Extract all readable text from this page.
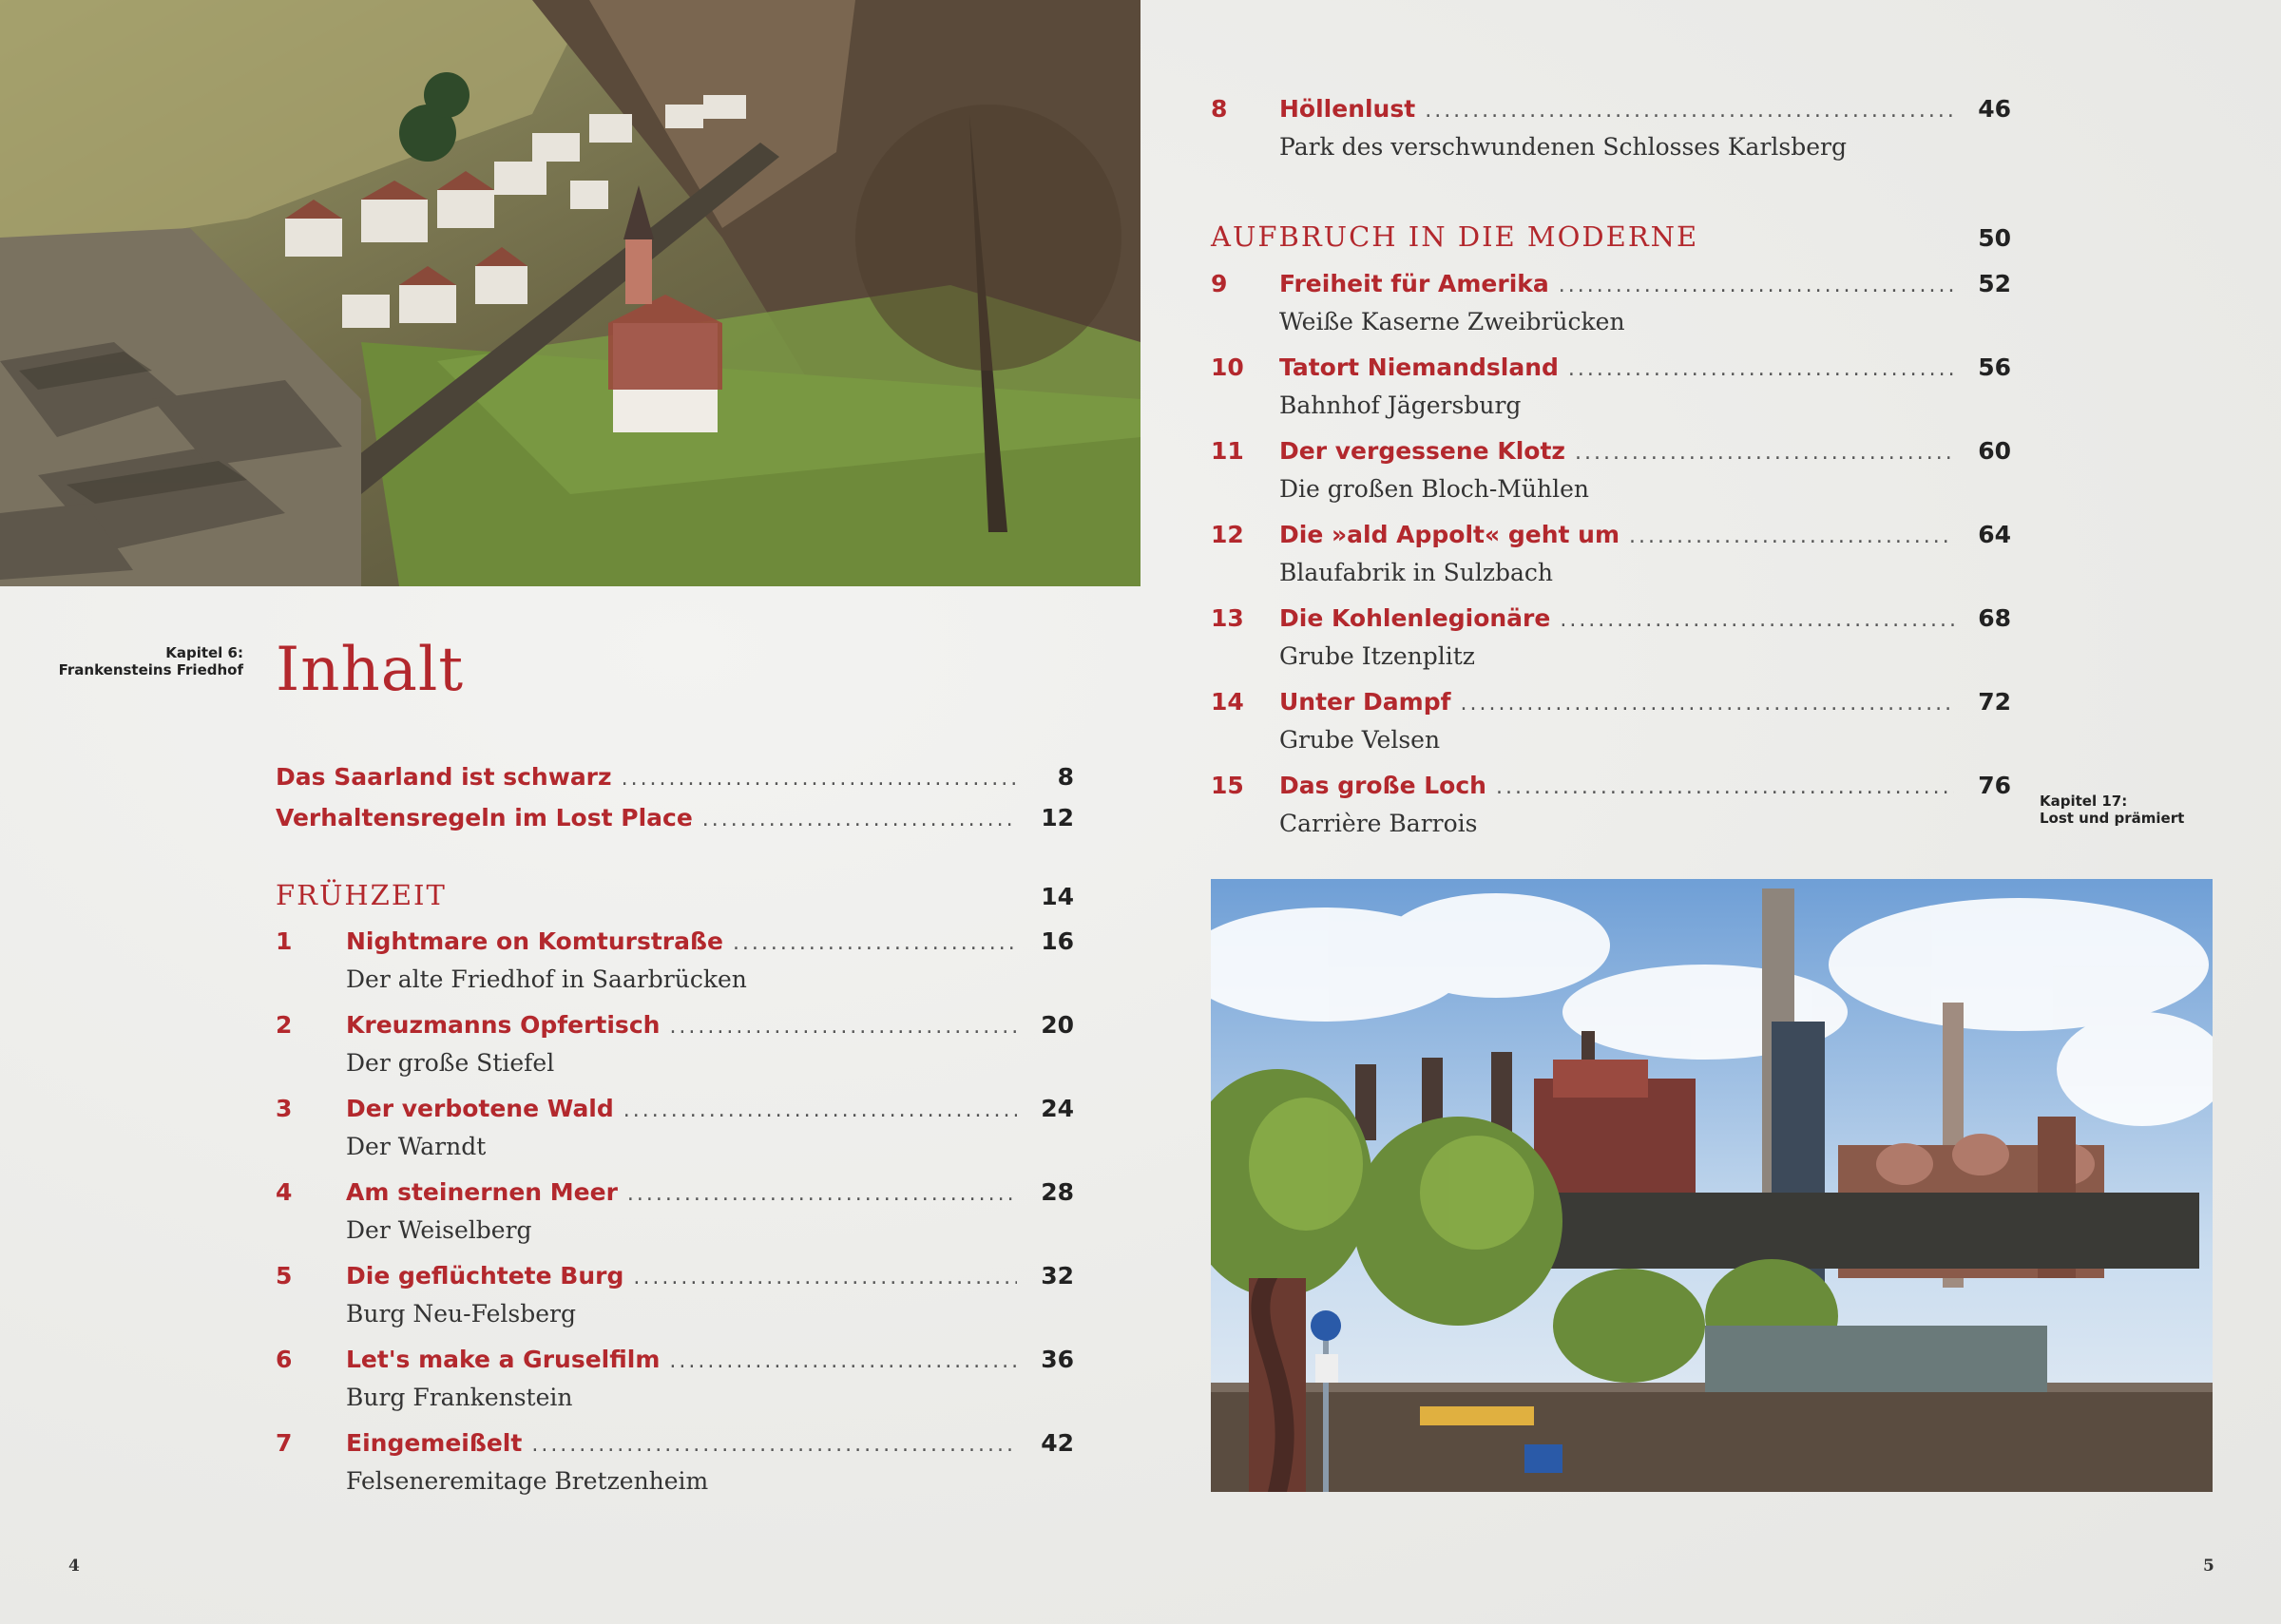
Kapitel 6:
Frankensteins Friedhof Inhalt
Das Saarland ist schwarz .....	8
Verhaltensregeln im Lost Place .....	12
FRÜHZEIT	14
1 Nightmare on Komturstraße .....	16
Der alte Friedhof in Saarbrücken
2 Kreuzmanns Opfertisch .....	20
Der große Stiefel
3 Der verbotene Wald .....	24
Der Warndt
4 Am steinernen Meer .....	28
Der Weiselberg
5 Die geflüchtete Burg .....	32
Burg Neu-Felsberg
6 Let's make a Gruselfilm .....	36
Burg Frankenstein
7 Eingemeißelt .....	42
Felseneremitage Bretzenheim
4
8 Höllenlust .....	46
Park des verschwundenen Schlosses Karlsberg
AUFBRUCH IN DIE MODERNE	50
9 Freiheit für Amerika .....	52
Weiße Kaserne Zweibrücken
10 Tatort Niemandsland .....	56
Bahnhof Jägersburg
11 Der vergessene Klotz .....	60
Die großen Bloch-Mühlen
12 Die »ald Appolt« geht um .....	64
Blaufabrik in Sulzbach
13 Die Kohlenlegionäre .....	68
Grube Itzenplitz
14 Unter Dampf .....	72
Grube Velsen
15 Das große Loch .....	76
Carrière Barrois
Kapitel 17:
Lost und prämiert
5
